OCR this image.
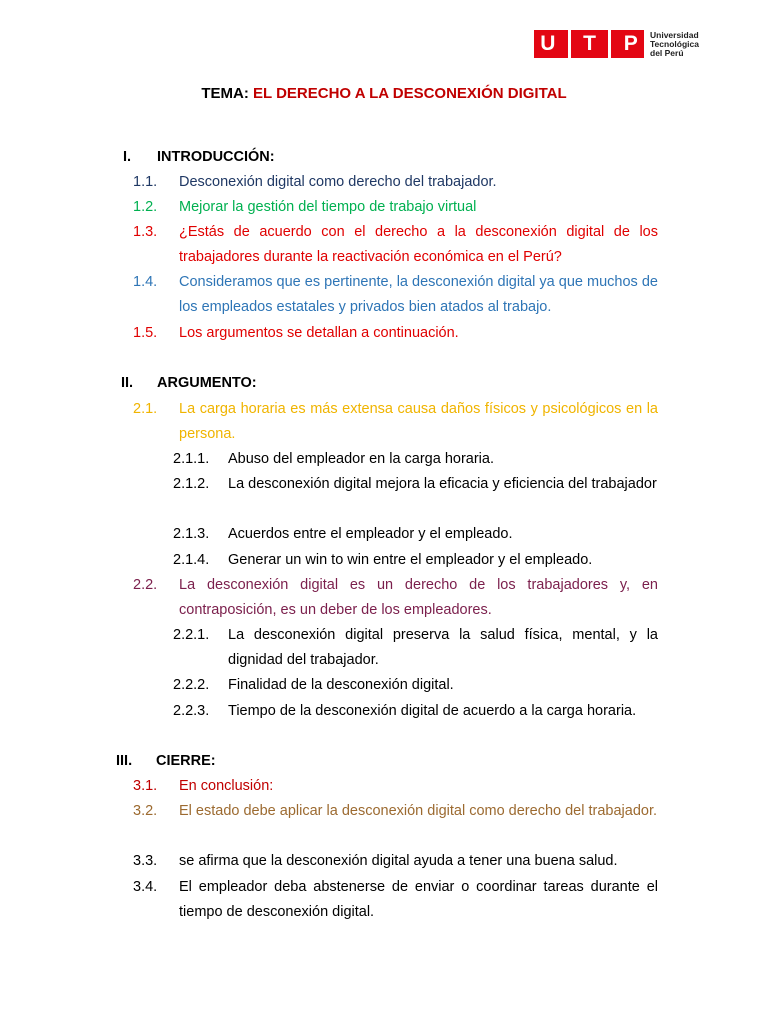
U T P Universidad
Tecnológica
del Perú
TEMA: EL DERECHO A LA DESCONEXIÓN DIGITAL
I. INTRODUCCIÓN:
1.1. Desconexión digital como derecho del trabajador.
1.2. Mejorar la gestión del tiempo de trabajo virtual
1.3. ¿Estás de acuerdo con el derecho a la desconexión digital de los trabajadores durante la reactivación económica en el Perú?
1.4. Consideramos que es pertinente, la desconexión digital ya que muchos de los empleados estatales y privados bien atados al trabajo.
1.5. Los argumentos se detallan a continuación.
II. ARGUMENTO:
2.1. La carga horaria es más extensa causa daños físicos y psicológicos en la persona.
2.1.1. Abuso del empleador en la carga horaria.
2.1.2. La desconexión digital mejora la eficacia y eficiencia del trabajador
2.1.3. Acuerdos entre el empleador y el empleado.
2.1.4. Generar un win to win entre el empleador y el empleado.
2.2. La desconexión digital es un derecho de los trabajadores y, en contraposición, es un deber de los empleadores.
2.2.1. La desconexión digital preserva la salud física, mental, y la dignidad del trabajador.
2.2.2. Finalidad de la desconexión digital.
2.2.3. Tiempo de la desconexión digital de acuerdo a la carga horaria.
III. CIERRE:
3.1. En conclusión:
3.2. El estado debe aplicar la desconexión digital como derecho del trabajador.
3.3. se afirma que la desconexión digital ayuda a tener una buena salud.
3.4. El empleador deba abstenerse de enviar o coordinar tareas durante el tiempo de desconexión digital.
